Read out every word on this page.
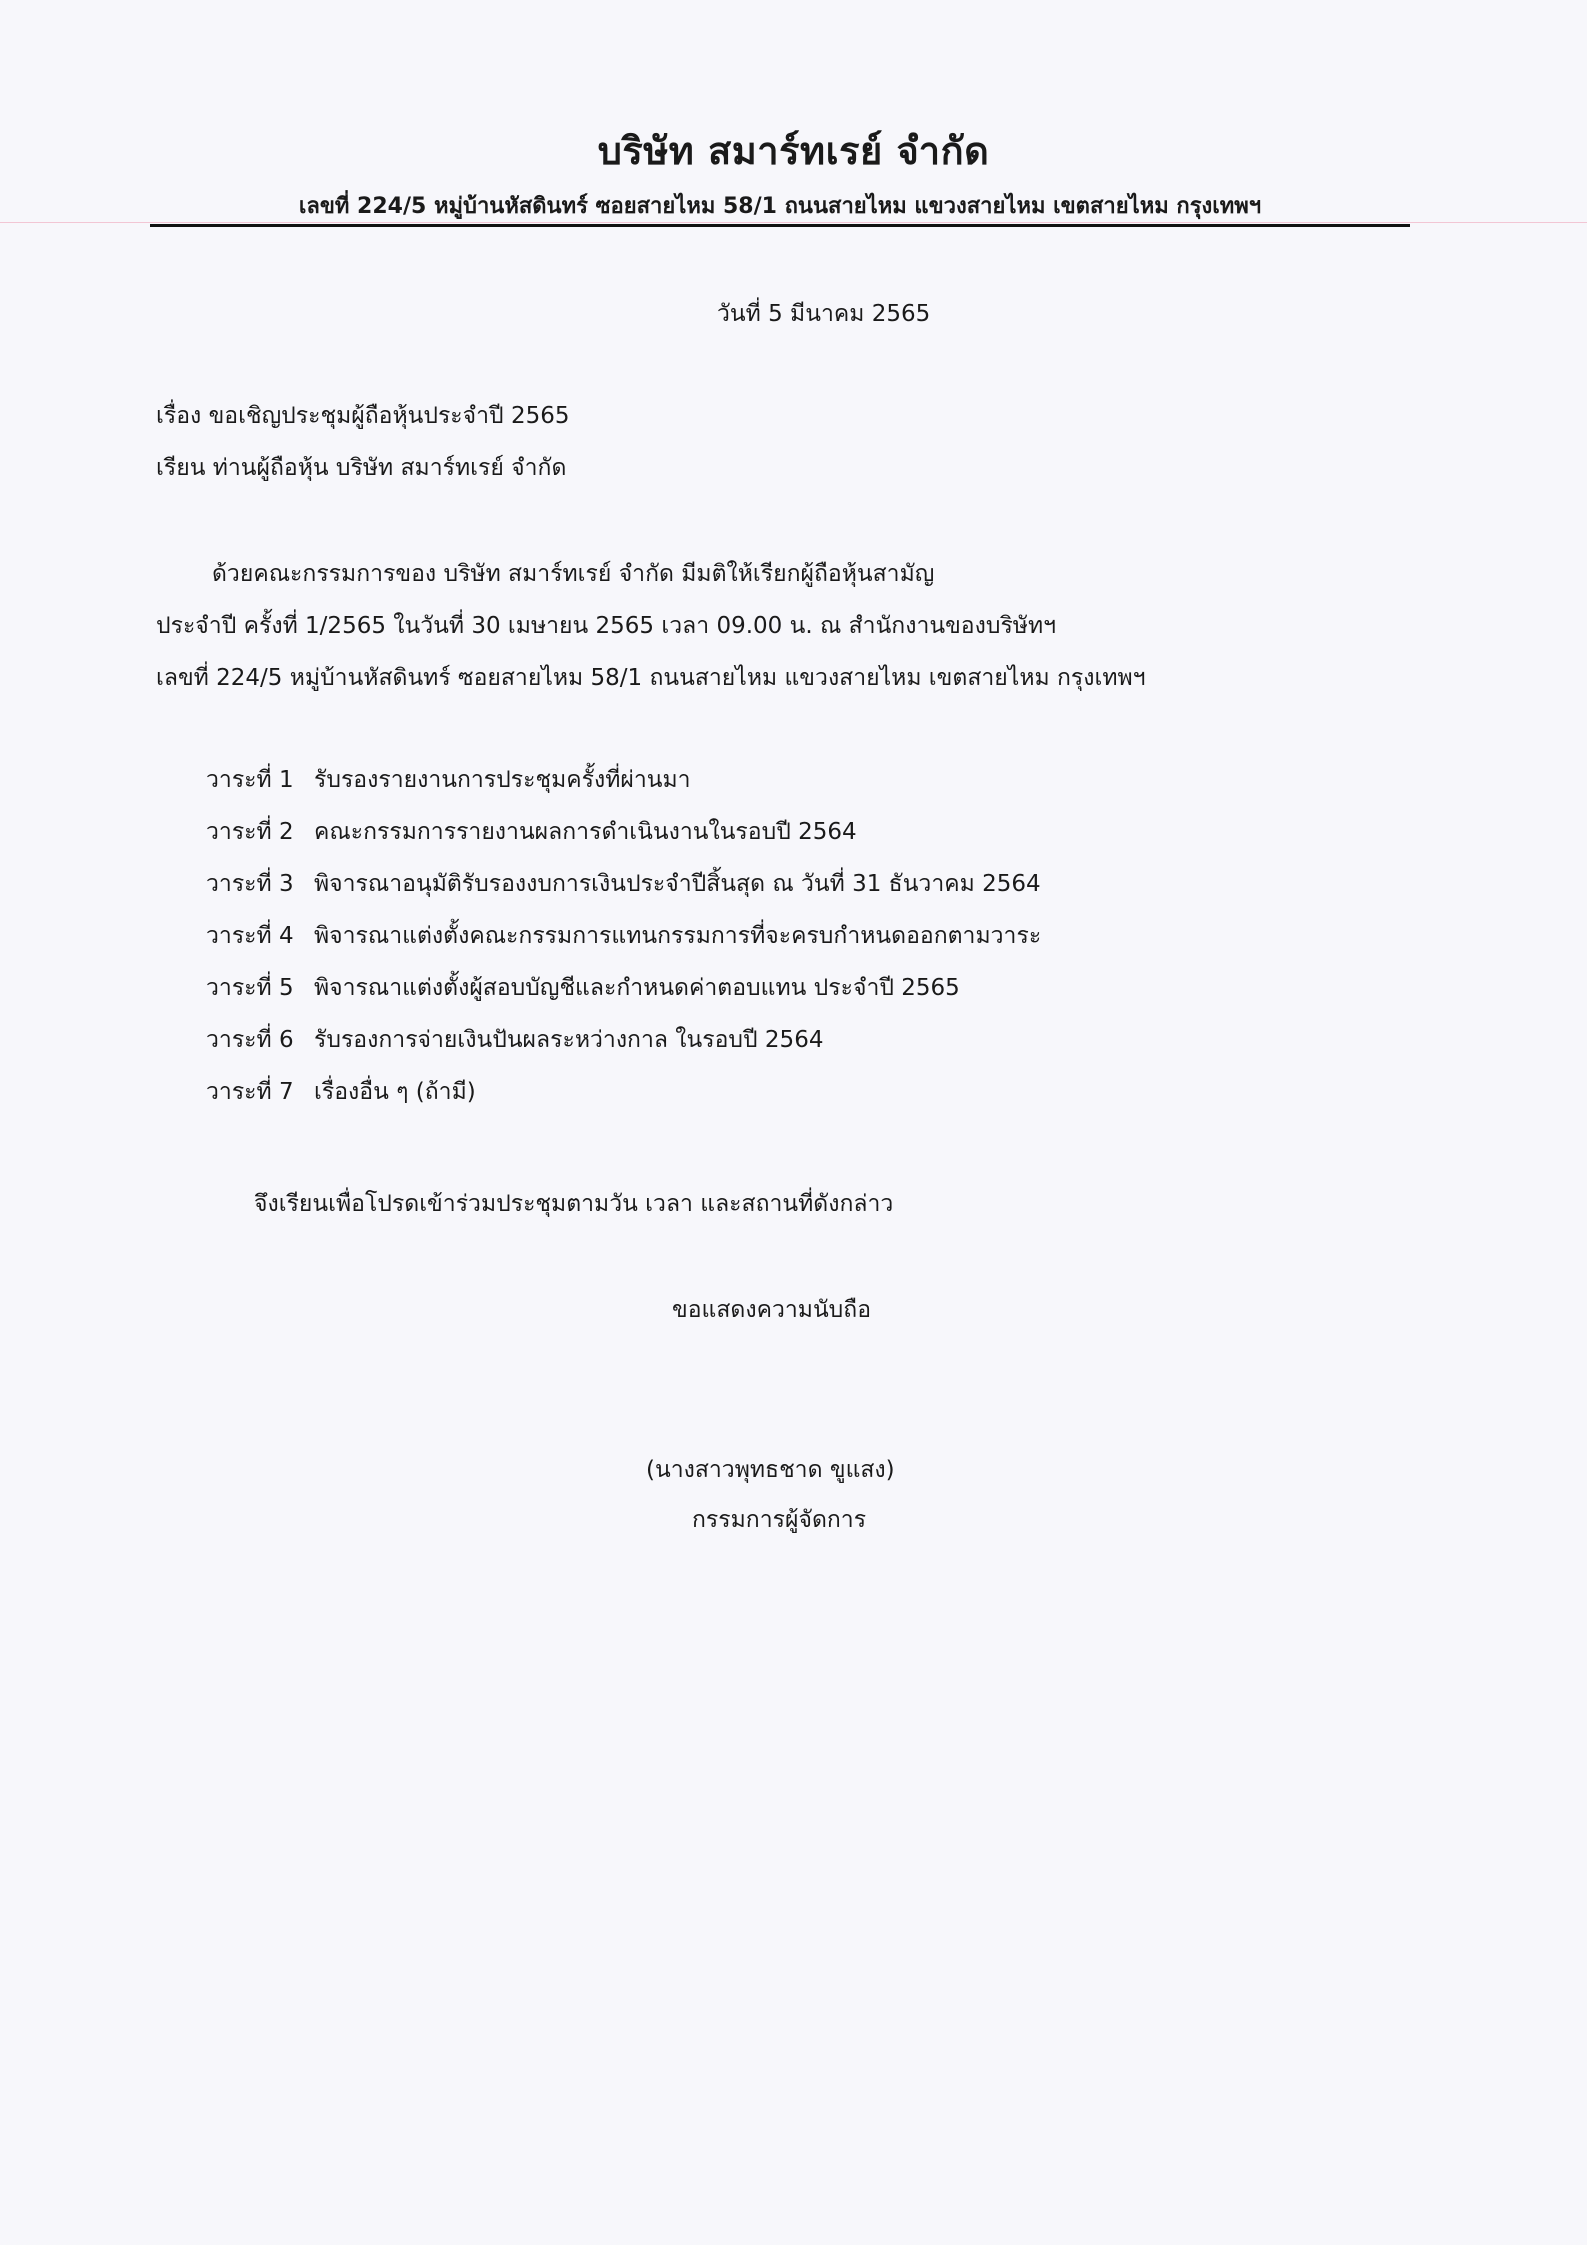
บริษัท สมาร์ทเรย์ จำกัด
เลขที่ 224/5 หมู่บ้านหัสดินทร์ ซอยสายไหม 58/1 ถนนสายไหม แขวงสายไหม เขตสายไหม กรุงเทพฯ
วันที่ 5 มีนาคม 2565
เรื่อง ขอเชิญประชุมผู้ถือหุ้นประจำปี 2565
เรียน ท่านผู้ถือหุ้น บริษัท สมาร์ทเรย์ จำกัด
ด้วยคณะกรรมการของ บริษัท สมาร์ทเรย์ จำกัด มีมติให้เรียกผู้ถือหุ้นสามัญ
ประจำปี ครั้งที่ 1/2565 ในวันที่ 30 เมษายน 2565 เวลา 09.00 น. ณ สำนักงานของบริษัทฯ
เลขที่ 224/5 หมู่บ้านหัสดินทร์ ซอยสายไหม 58/1 ถนนสายไหม แขวงสายไหม เขตสายไหม กรุงเทพฯ
วาระที่ 1 รับรองรายงานการประชุมครั้งที่ผ่านมา
วาระที่ 2 คณะกรรมการรายงานผลการดำเนินงานในรอบปี 2564
วาระที่ 3 พิจารณาอนุมัติรับรองงบการเงินประจำปีสิ้นสุด ณ วันที่ 31 ธันวาคม 2564
วาระที่ 4 พิจารณาแต่งตั้งคณะกรรมการแทนกรรมการที่จะครบกำหนดออกตามวาระ
วาระที่ 5 พิจารณาแต่งตั้งผู้สอบบัญชีและกำหนดค่าตอบแทน ประจำปี 2565
วาระที่ 6 รับรองการจ่ายเงินปันผลระหว่างกาล ในรอบปี 2564
วาระที่ 7 เรื่องอื่น ๆ (ถ้ามี)
จึงเรียนเพื่อโปรดเข้าร่วมประชุมตามวัน เวลา และสถานที่ดังกล่าว
ขอแสดงความนับถือ
(นางสาวพุทธชาด ขูแสง)
กรรมการผู้จัดการ
